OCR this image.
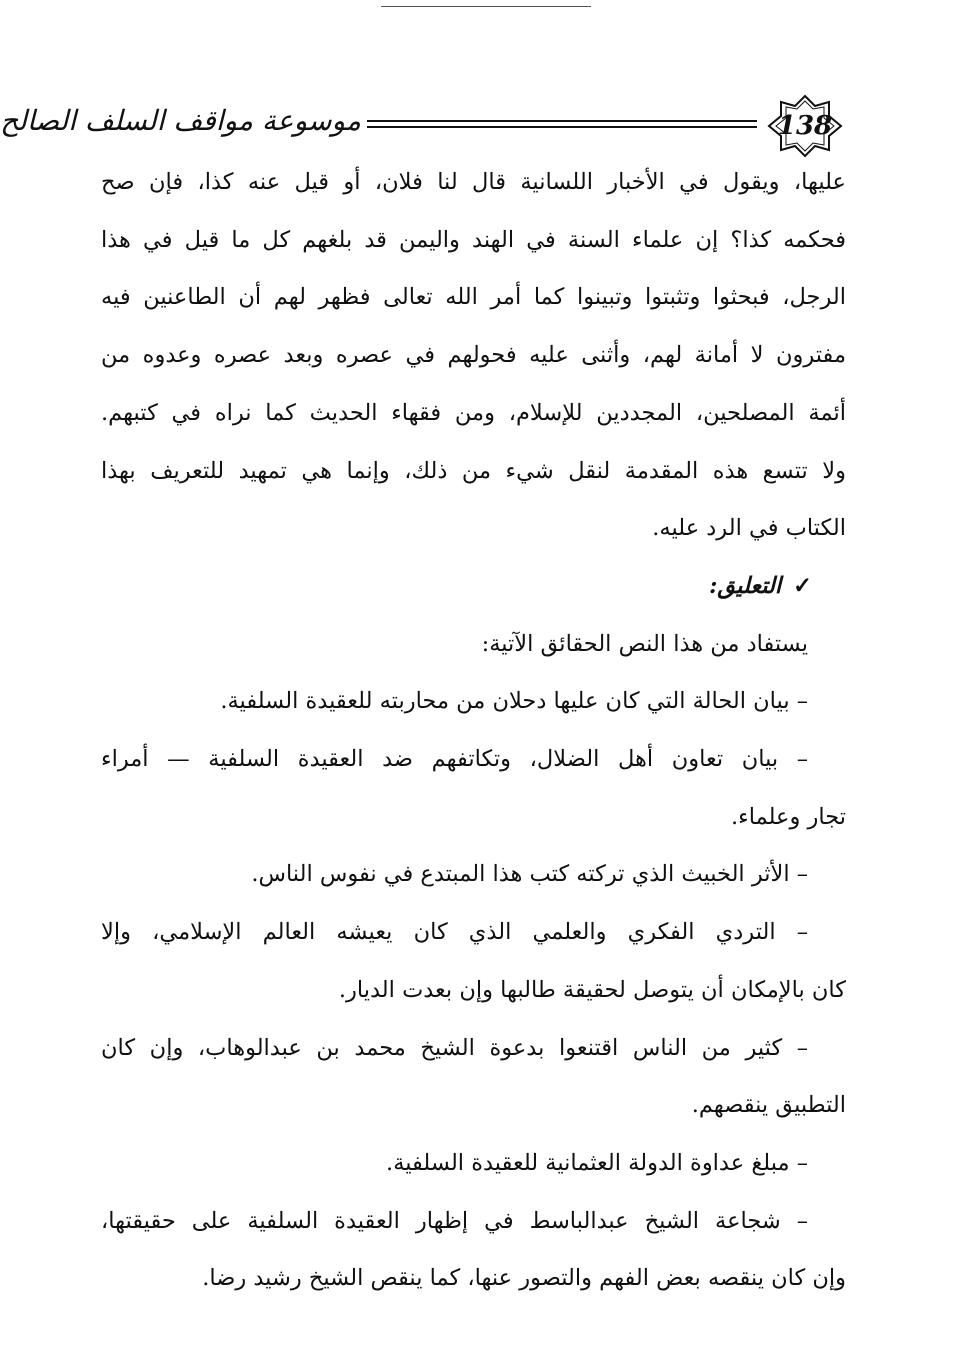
موسوعة مواقف السلف الصالح	138

عليها، ويقول في الأخبار اللسانية قال لنا فلان، أو قيل عنه كذا، فإن صح

فحكمه كذا؟ إن علماء السنة في الهند واليمن قد بلغهم كل ما قيل في هذا

الرجل، فبحثوا وتثبتوا وتبينوا كما أمر الله تعالى فظهر لهم أن الطاعنين فيه

مفترون لا أمانة لهم، وأثنى عليه فحولهم في عصره وبعد عصره وعدوه من

أئمة المصلحين، المجددين للإسلام، ومن فقهاء الحديث كما نراه في كتبهم.

ولا تتسع هذه المقدمة لنقل شيء من ذلك، وإنما هي تمهيد للتعريف بهذا

الكتاب في الرد عليه.

✓التعليق:

يستفاد من هذا النص الحقائق الآتية:

– بيان الحالة التي كان عليها دحلان من محاربته للعقيدة السلفية.

– بيان تعاون أهل الضلال، وتكاتفهم ضد العقيدة السلفية — أمراء

تجار وعلماء.

– الأثر الخبيث الذي تركته كتب هذا المبتدع في نفوس الناس.

– التردي الفكري والعلمي الذي كان يعيشه العالم الإسلامي، وإلا

كان بالإمكان أن يتوصل لحقيقة طالبها وإن بعدت الديار.

– كثير من الناس اقتنعوا بدعوة الشيخ محمد بن عبدالوهاب، وإن كان

التطبيق ينقصهم.

– مبلغ عداوة الدولة العثمانية للعقيدة السلفية.

– شجاعة الشيخ عبدالباسط في إظهار العقيدة السلفية على حقيقتها،

وإن كان ينقصه بعض الفهم والتصور عنها، كما ينقص الشيخ رشيد رضا.
